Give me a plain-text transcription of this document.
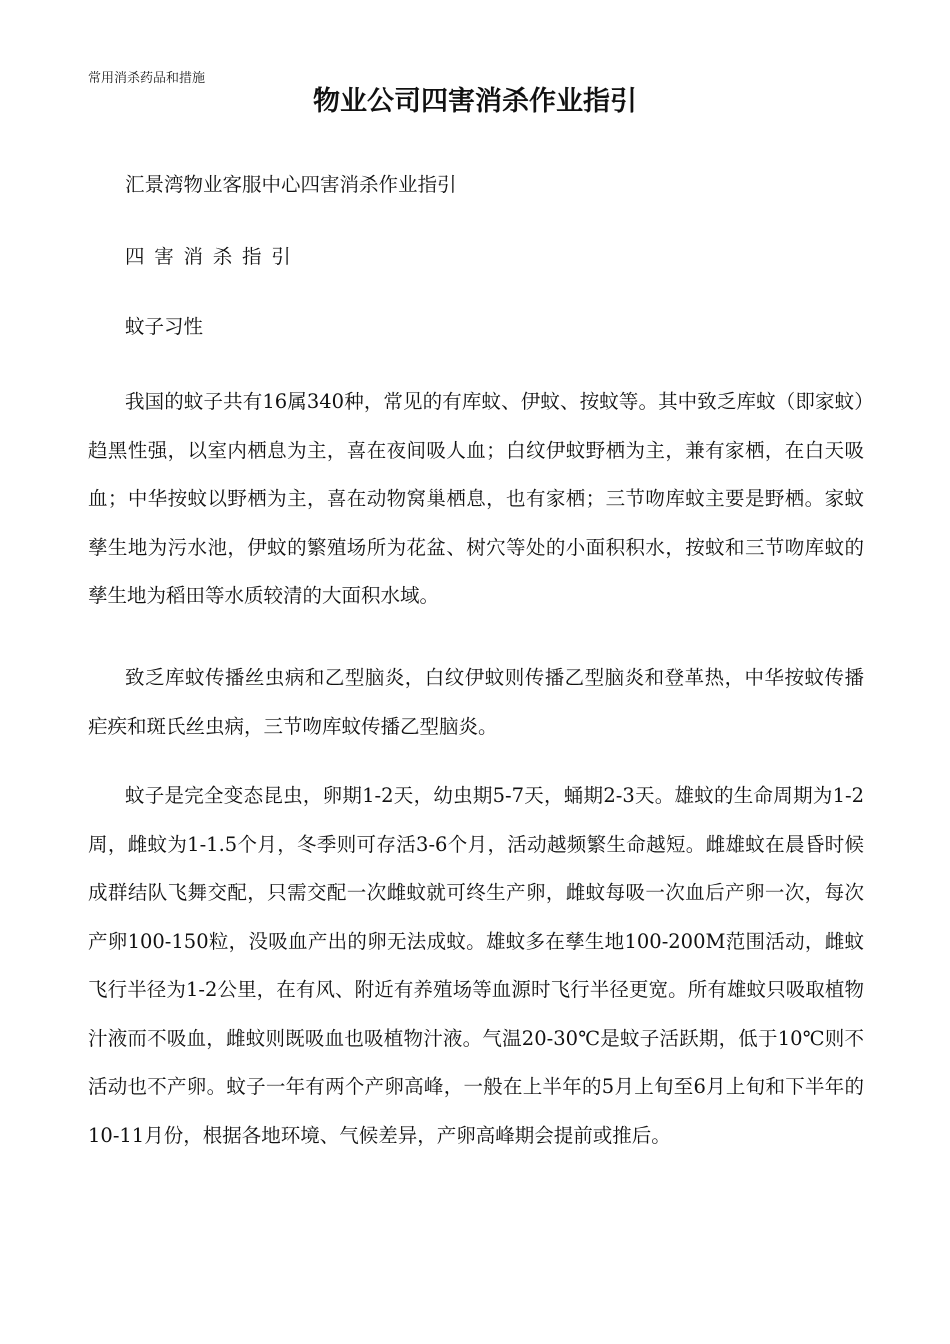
常用消杀药品和措施
物业公司四害消杀作业指引
汇景湾物业客服中心四害消杀作业指引
四害消杀指引
蚊子习性

我国的蚊子共有16属340种，常见的有库蚊、伊蚊、按蚊等。其中致乏库蚊（即家蚊）趋黑性强，以室内栖息为主，喜在夜间吸人血；白纹伊蚊野栖为主，兼有家栖，在白天吸血；中华按蚊以野栖为主，喜在动物窝巢栖息，也有家栖；三节吻库蚊主要是野栖。家蚊孳生地为污水池，伊蚊的繁殖场所为花盆、树穴等处的小面积积水，按蚊和三节吻库蚊的孳生地为稻田等水质较清的大面积水域。

致乏库蚊传播丝虫病和乙型脑炎，白纹伊蚊则传播乙型脑炎和登革热，中华按蚊传播疟疾和斑氏丝虫病，三节吻库蚊传播乙型脑炎。

蚊子是完全变态昆虫，卵期1-2天，幼虫期5-7天，蛹期2-3天。雄蚊的生命周期为1-2周，雌蚊为1-1.5个月，冬季则可存活3-6个月，活动越频繁生命越短。雌雄蚊在晨昏时候成群结队飞舞交配，只需交配一次雌蚊就可终生产卵，雌蚊每吸一次血后产卵一次，每次产卵100-150粒，没吸血产出的卵无法成蚊。雄蚊多在孳生地100-200M范围活动，雌蚊飞行半径为1-2公里，在有风、附近有养殖场等血源时飞行半径更宽。所有雄蚊只吸取植物汁液而不吸血，雌蚊则既吸血也吸植物汁液。气温20-30℃是蚊子活跃期，低于10℃则不活动也不产卵。蚊子一年有两个产卵高峰，一般在上半年的5月上旬至6月上旬和下半年的10-11月份，根据各地环境、气候差异，产卵高峰期会提前或推后。
